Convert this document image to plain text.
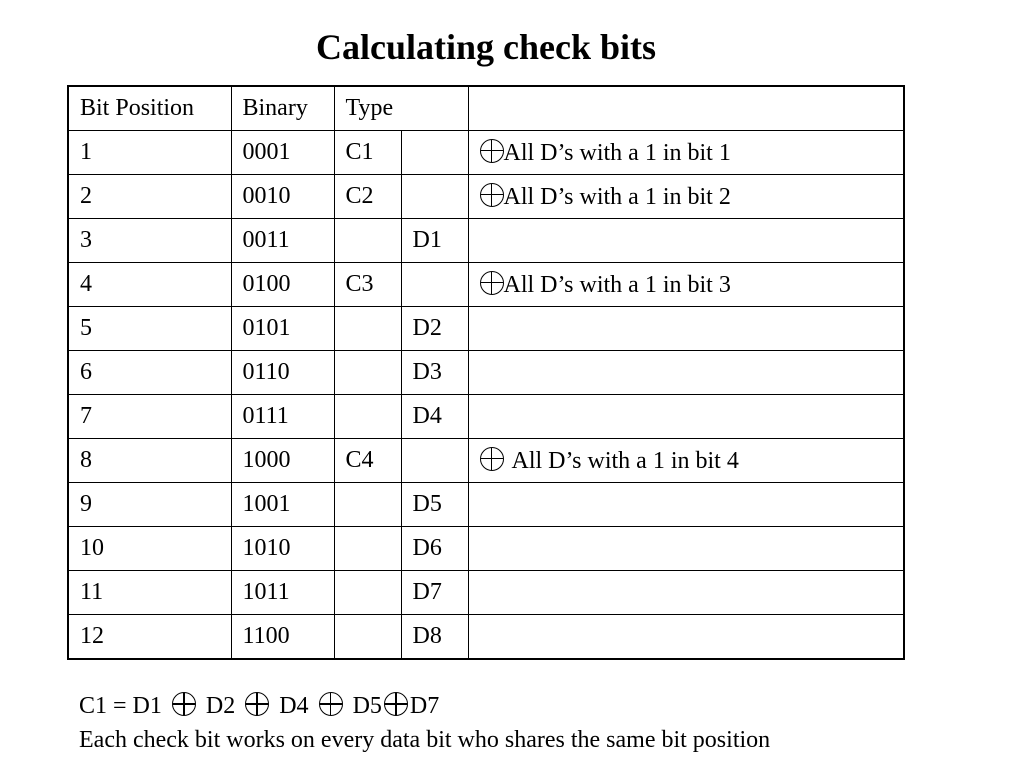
Calculating check bits
Bit Position	Binary	Type		
1	0001	C1		All D’s with a 1 in bit 1
2	0010	C2		All D’s with a 1 in bit 2
3	0011		D1	
4	0100	C3		All D’s with a 1 in bit 3
5	0101		D2	
6	0110		D3	
7	0111		D4	
8	1000	C4		All D’s with a 1 in bit 4
9	1001		D5	
10	1010		D6	
11	1011		D7	
12	1100		D8	
C1 = D1 D2 D4 D5 D7
Each check bit works on every data bit who shares the same bit position
